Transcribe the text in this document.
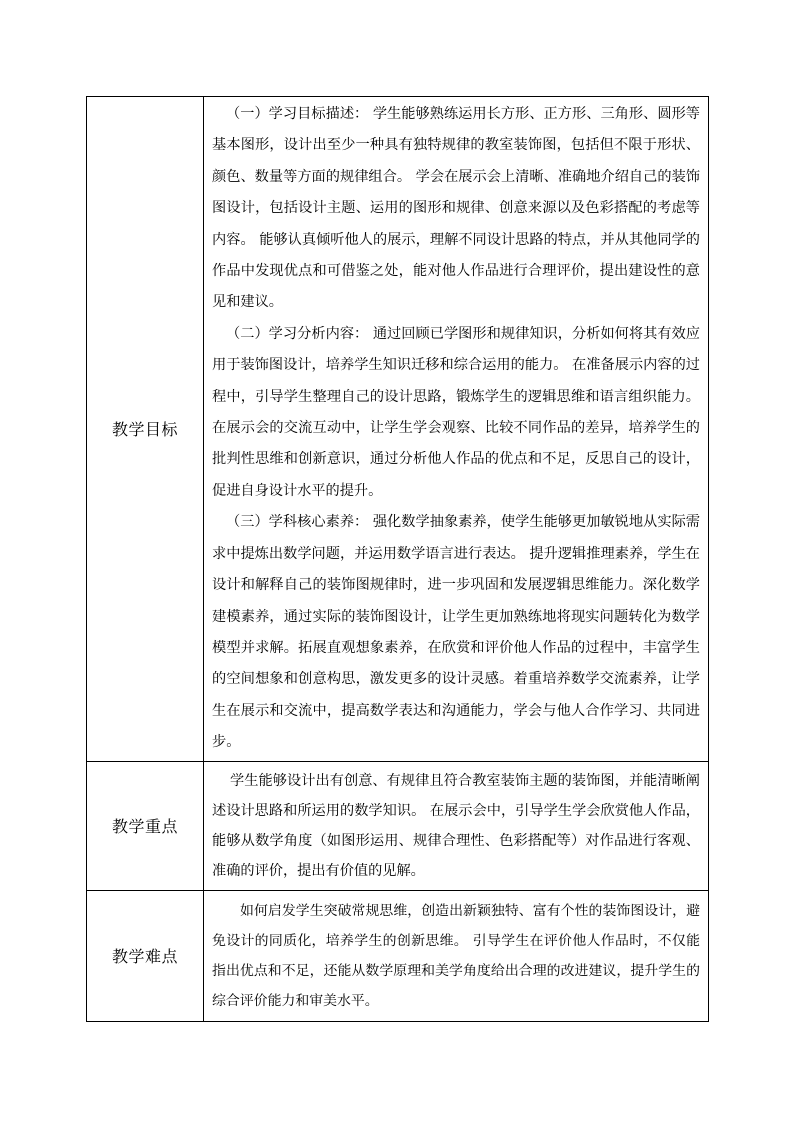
教学目标	（一）学习目标描述： 学生能够熟练运用长方形、正方形、三角形、圆形等基本图形，设计出至少一种具有独特规律的教室装饰图，包括但不限于形状、颜色、数量等方面的规律组合。 学会在展示会上清晰、准确地介绍自己的装饰图设计，包括设计主题、运用的图形和规律、创意来源以及色彩搭配的考虑等内容。 能够认真倾听他人的展示，理解不同设计思路的特点，并从其他同学的作品中发现优点和可借鉴之处，能对他人作品进行合理评价，提出建设性的意见和建议。

（二）学习分析内容： 通过回顾已学图形和规律知识，分析如何将其有效应用于装饰图设计，培养学生知识迁移和综合运用的能力。 在准备展示内容的过程中，引导学生整理自己的设计思路，锻炼学生的逻辑思维和语言组织能力。在展示会的交流互动中，让学生学会观察、比较不同作品的差异，培养学生的批判性思维和创新意识，通过分析他人作品的优点和不足，反思自己的设计，促进自身设计水平的提升。

（三）学科核心素养： 强化数学抽象素养，使学生能够更加敏锐地从实际需求中提炼出数学问题，并运用数学语言进行表达。 提升逻辑推理素养，学生在设计和解释自己的装饰图规律时，进一步巩固和发展逻辑思维能力。深化数学建模素养，通过实际的装饰图设计，让学生更加熟练地将现实问题转化为数学模型并求解。拓展直观想象素养，在欣赏和评价他人作品的过程中，丰富学生的空间想象和创意构思，激发更多的设计灵感。着重培养数学交流素养，让学生在展示和交流中，提高数学表达和沟通能力，学会与他人合作学习、共同进步。

教学重点	学生能够设计出有创意、有规律且符合教室装饰主题的装饰图，并能清晰阐述设计思路和所运用的数学知识。 在展示会中，引导学生学会欣赏他人作品，能够从数学角度（如图形运用、规律合理性、色彩搭配等）对作品进行客观、准确的评价，提出有价值的见解。

教学难点	如何启发学生突破常规思维，创造出新颖独特、富有个性的装饰图设计，避免设计的同质化，培养学生的创新思维。 引导学生在评价他人作品时，不仅能指出优点和不足，还能从数学原理和美学角度给出合理的改进建议，提升学生的综合评价能力和审美水平。
